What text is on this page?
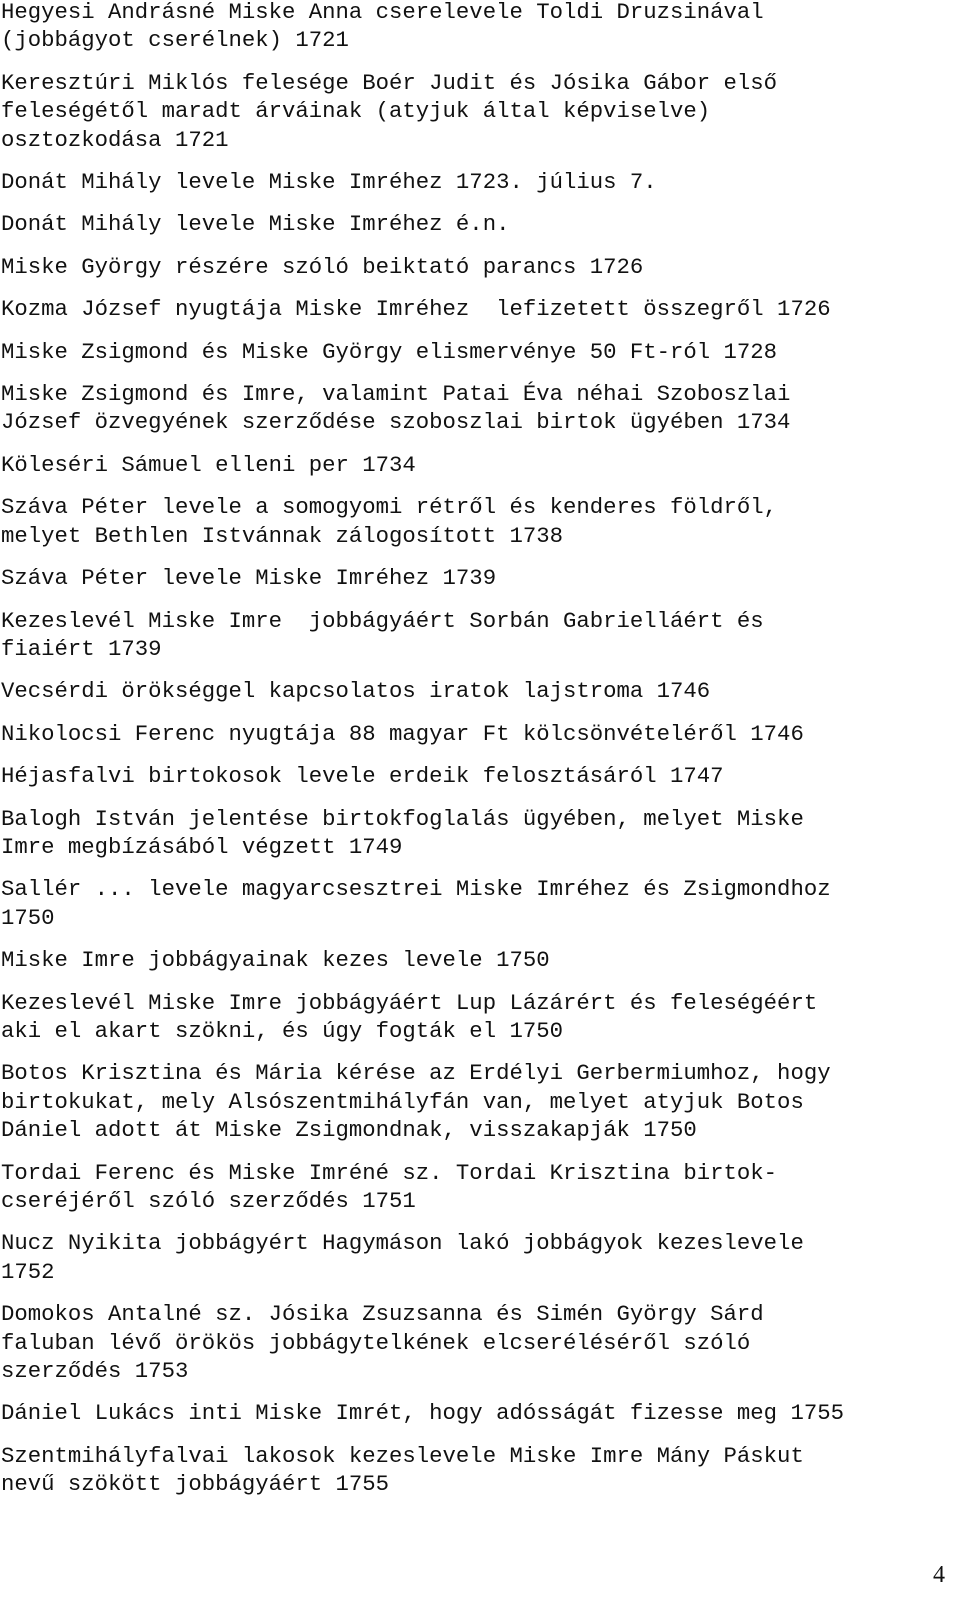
Hegyesi Andrásné Miske Anna cserelevele Toldi Druzsinával
(jobbágyot cserélnek) 1721
Keresztúri Miklós felesége Boér Judit és Jósika Gábor első
feleségétől maradt árváinak (atyjuk által képviselve)
osztozkodása 1721
Donát Mihály levele Miske Imréhez 1723. július 7.
Donát Mihály levele Miske Imréhez é.n.
Miske György részére szóló beiktató parancs 1726
Kozma József nyugtája Miske Imréhez  lefizetett összegről 1726
Miske Zsigmond és Miske György elismervénye 50 Ft-ról 1728
Miske Zsigmond és Imre, valamint Patai Éva néhai Szoboszlai
József özvegyének szerződése szoboszlai birtok ügyében 1734
Köleséri Sámuel elleni per 1734
Száva Péter levele a somogyomi rétről és kenderes földről,
melyet Bethlen Istvánnak zálogosított 1738
Száva Péter levele Miske Imréhez 1739
Kezeslevél Miske Imre  jobbágyáért Sorbán Gabrielláért és
fiaiért 1739
Vecsérdi örökséggel kapcsolatos iratok lajstroma 1746
Nikolocsi Ferenc nyugtája 88 magyar Ft kölcsönvételéről 1746
Héjasfalvi birtokosok levele erdeik felosztásáról 1747
Balogh István jelentése birtokfoglalás ügyében, melyet Miske
Imre megbízásából végzett 1749
Sallér ... levele magyarcsesztrei Miske Imréhez és Zsigmondhoz
1750
Miske Imre jobbágyainak kezes levele 1750
Kezeslevél Miske Imre jobbágyáért Lup Lázárért és feleségéért
aki el akart szökni, és úgy fogták el 1750
Botos Krisztina és Mária kérése az Erdélyi Gerbermiumhoz, hogy
birtokukat, mely Alsószentmihályfán van, melyet atyjuk Botos
Dániel adott át Miske Zsigmondnak, visszakapják 1750
Tordai Ferenc és Miske Imréné sz. Tordai Krisztina birtok-
cseréjéről szóló szerződés 1751
Nucz Nyikita jobbágyért Hagymáson lakó jobbágyok kezeslevele
1752
Domokos Antalné sz. Jósika Zsuzsanna és Simén György Sárd
faluban lévő örökös jobbágytelkének elcseréléséről szóló
szerződés 1753
Dániel Lukács inti Miske Imrét, hogy adósságát fizesse meg 1755
Szentmihályfalvai lakosok kezeslevele Miske Imre Mány Páskut
nevű szökött jobbágyáért 1755
4
